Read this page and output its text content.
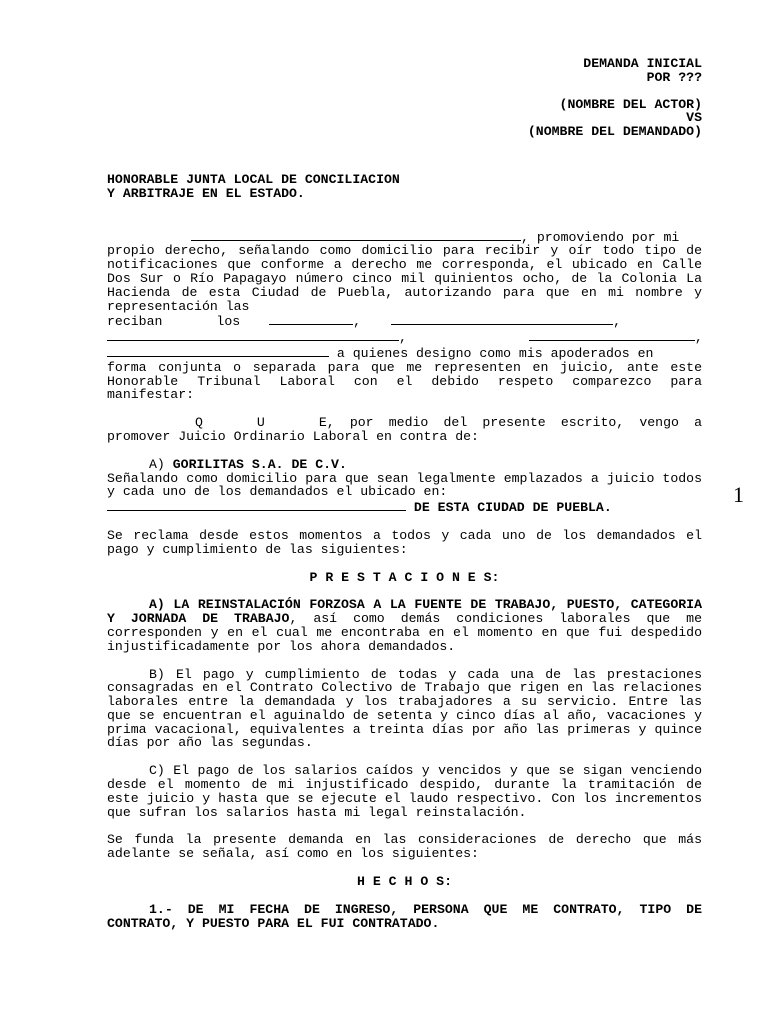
DEMANDA INICIAL
POR ???
(NOMBRE DEL ACTOR)
VS
(NOMBRE DEL DEMANDADO)
HONORABLE JUNTA LOCAL DE CONCILIACION
Y ARBITRAJE EN EL ESTADO.
, promoviendo por mi
propio derecho, señalando como domicilio para recibir y oír todo tipo de notificaciones que conforme a derecho me corresponda, el ubicado en Calle Dos Sur o Río Papagayo número cinco mil quinientos ocho, de la Colonia La Hacienda de esta Ciudad de Puebla, autorizando para que en mi nombre y representación las
reciban	los	,	,
,	,
a quienes designo como mis apoderados en
forma conjunta o separada para que me representen en juicio, ante este Honorable Tribunal Laboral con el debido respeto comparezco para manifestar:
Q	U	E, por medio del presente escrito, vengo a promover Juicio Ordinario Laboral en contra de:
A) GORILITAS S.A. DE C.V.
Señalando como domicilio para que sean legalmente emplazados a juicio todos y cada uno de los demandados el ubicado en:
DE ESTA CIUDAD DE PUEBLA.
Se reclama desde estos momentos a todos y cada uno de los demandados el pago y cumplimiento de las siguientes:
P R E S T A C I O N E S:
A) LA REINSTALACIÓN FORZOSA A LA FUENTE DE TRABAJO, PUESTO, CATEGORIA Y JORNADA DE TRABAJO, así como demás condiciones laborales que me corresponden y en el cual me encontraba en el momento en que fui despedido injustificadamente por los ahora demandados.
B) El pago y cumplimiento de todas y cada una de las prestaciones consagradas en el Contrato Colectivo de Trabajo que rigen en las relaciones laborales entre la demandada y los trabajadores a su servicio. Entre las que se encuentran el aguinaldo de setenta y cinco días al año, vacaciones y prima vacacional, equivalentes a treinta días por año las primeras y quince días por año las segundas.
C) El pago de los salarios caídos y vencidos y que se sigan venciendo desde el momento de mi injustificado despido, durante la tramitación de este juicio y hasta que se ejecute el laudo respectivo. Con los incrementos que sufran los salarios hasta mi legal reinstalación.
Se funda la presente demanda en las consideraciones de derecho que más adelante se señala, así como en los siguientes:
H E C H O S:
1.- DE MI FECHA DE INGRESO, PERSONA QUE ME CONTRATO, TIPO DE CONTRATO, Y PUESTO PARA EL FUI CONTRATADO.
1
